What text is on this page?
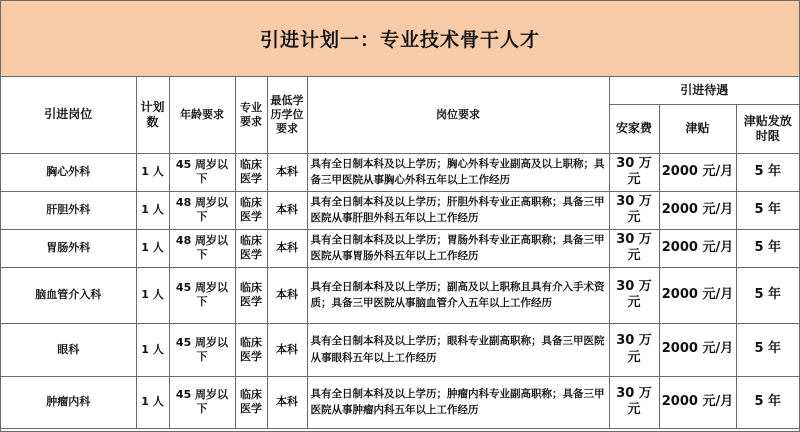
引进计划一：专业技术骨干人才
引进岗位	计划数	年龄要求	专业要求	最低学历学位要求	岗位要求	引进待遇		
						安家费	津贴	津贴发放时限
胸心外科	1 人	45 周岁以下	临床医学	本科	具有全日制本科及以上学历；胸心外科专业副高及以上职称；具备三甲医院从事胸心外科五年以上工作经历	30 万元	2000 元/月	5 年
肝胆外科	1 人	48 周岁以下	临床医学	本科	具有全日制本科及以上学历；肝胆外科专业正高职称；具备三甲医院从事肝胆外科五年以上工作经历	30 万元	2000 元/月	5 年
胃肠外科	1 人	48 周岁以下	临床医学	本科	具有全日制本科及以上学历；胃肠外科专业正高职称；具备三甲医院从事胃肠外科五年以上工作经历	30 万元	2000 元/月	5 年
脑血管介入科	1 人	45 周岁以下	临床医学	本科	具有全日制本科及以上学历；副高及以上职称且具有介入手术资质；具备三甲医院从事脑血管介入五年以上工作经历	30 万元	2000 元/月	5 年
眼科	1 人	45 周岁以下	临床医学	本科	具有全日制本科及以上学历；眼科专业副高职称；具备三甲医院从事眼科五年以上工作经历	30 万元	2000 元/月	5 年
肿瘤内科	1 人	45 周岁以下	临床医学	本科	具有全日制本科及以上学历；肿瘤内科专业副高职称；具备三甲医院从事肿瘤内科五年以上工作经历	30 万元	2000 元/月	5 年
